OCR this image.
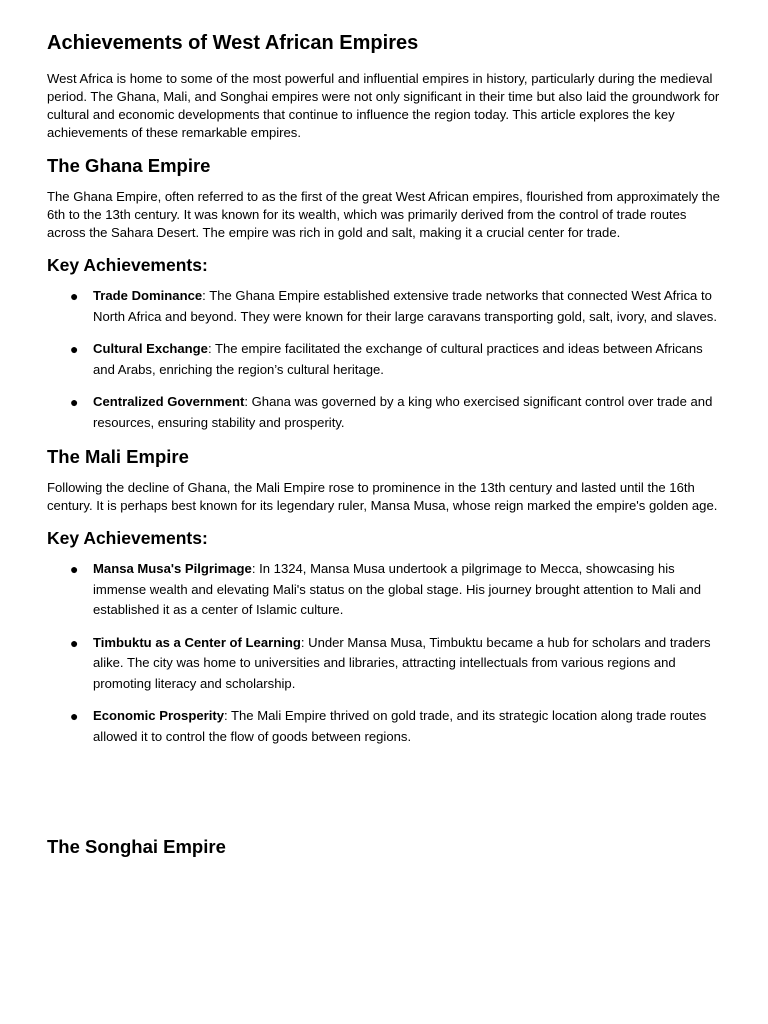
Achievements of West African Empires

West Africa is home to some of the most powerful and influential empires in history, particularly during the medieval period. The Ghana, Mali, and Songhai empires were not only significant in their time but also laid the groundwork for cultural and economic developments that continue to influence the region today. This article explores the key achievements of these remarkable empires.

The Ghana Empire

The Ghana Empire, often referred to as the first of the great West African empires, flourished from approximately the 6th to the 13th century. It was known for its wealth, which was primarily derived from the control of trade routes across the Sahara Desert. The empire was rich in gold and salt, making it a crucial center for trade.

Key Achievements:
● Trade Dominance: The Ghana Empire established extensive trade networks that connected West Africa to North Africa and beyond. They were known for their large caravans transporting gold, salt, ivory, and slaves.
● Cultural Exchange: The empire facilitated the exchange of cultural practices and ideas between Africans and Arabs, enriching the region’s cultural heritage.
● Centralized Government: Ghana was governed by a king who exercised significant control over trade and resources, ensuring stability and prosperity.
The Mali Empire

Following the decline of Ghana, the Mali Empire rose to prominence in the 13th century and lasted until the 16th century. It is perhaps best known for its legendary ruler, Mansa Musa, whose reign marked the empire's golden age.

Key Achievements:
● Mansa Musa's Pilgrimage: In 1324, Mansa Musa undertook a pilgrimage to Mecca, showcasing his immense wealth and elevating Mali's status on the global stage. His journey brought attention to Mali and established it as a center of Islamic culture.
● Timbuktu as a Center of Learning: Under Mansa Musa, Timbuktu became a hub for scholars and traders alike. The city was home to universities and libraries, attracting intellectuals from various regions and promoting literacy and scholarship.
● Economic Prosperity: The Mali Empire thrived on gold trade, and its strategic location along trade routes allowed it to control the flow of goods between regions.
The Songhai Empire
